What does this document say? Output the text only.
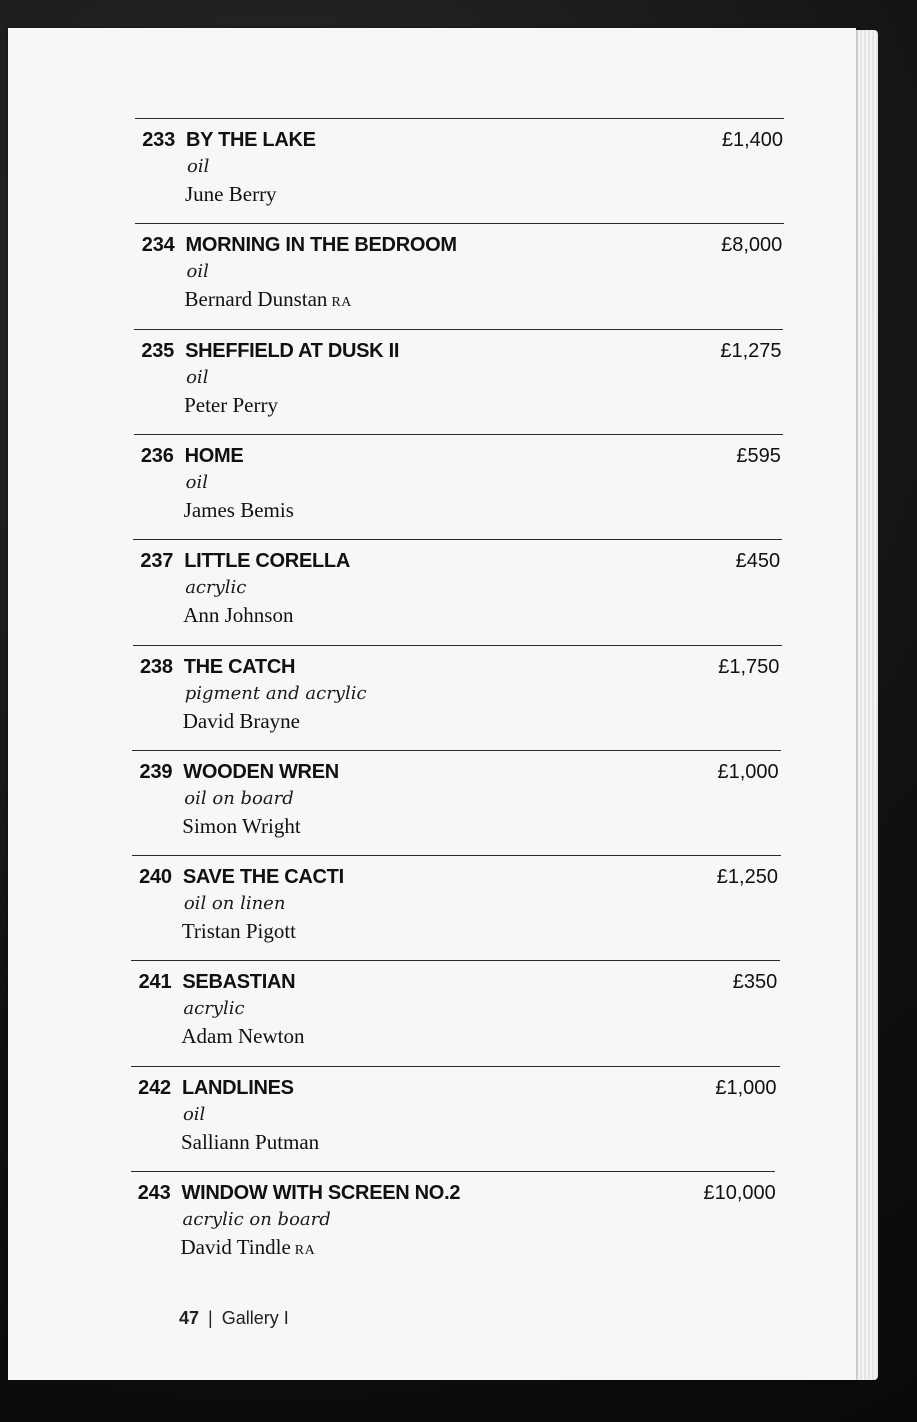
233 BY THE LAKE
oil
June Berry
£1,400
234 MORNING IN THE BEDROOM
oil
Bernard Dunstan RA
£8,000
235 SHEFFIELD AT DUSK II
oil
Peter Perry
£1,275
236 HOME
oil
James Bemis
£595
237 LITTLE CORELLA
acrylic
Ann Johnson
£450
238 THE CATCH
pigment and acrylic
David Brayne
£1,750
239 WOODEN WREN
oil on board
Simon Wright
£1,000
240 SAVE THE CACTI
oil on linen
Tristan Pigott
£1,250
241 SEBASTIAN
acrylic
Adam Newton
£350
242 LANDLINES
oil
Salliann Putman
£1,000
243 WINDOW WITH SCREEN NO.2
acrylic on board
David Tindle RA
£10,000
47 | Gallery I
